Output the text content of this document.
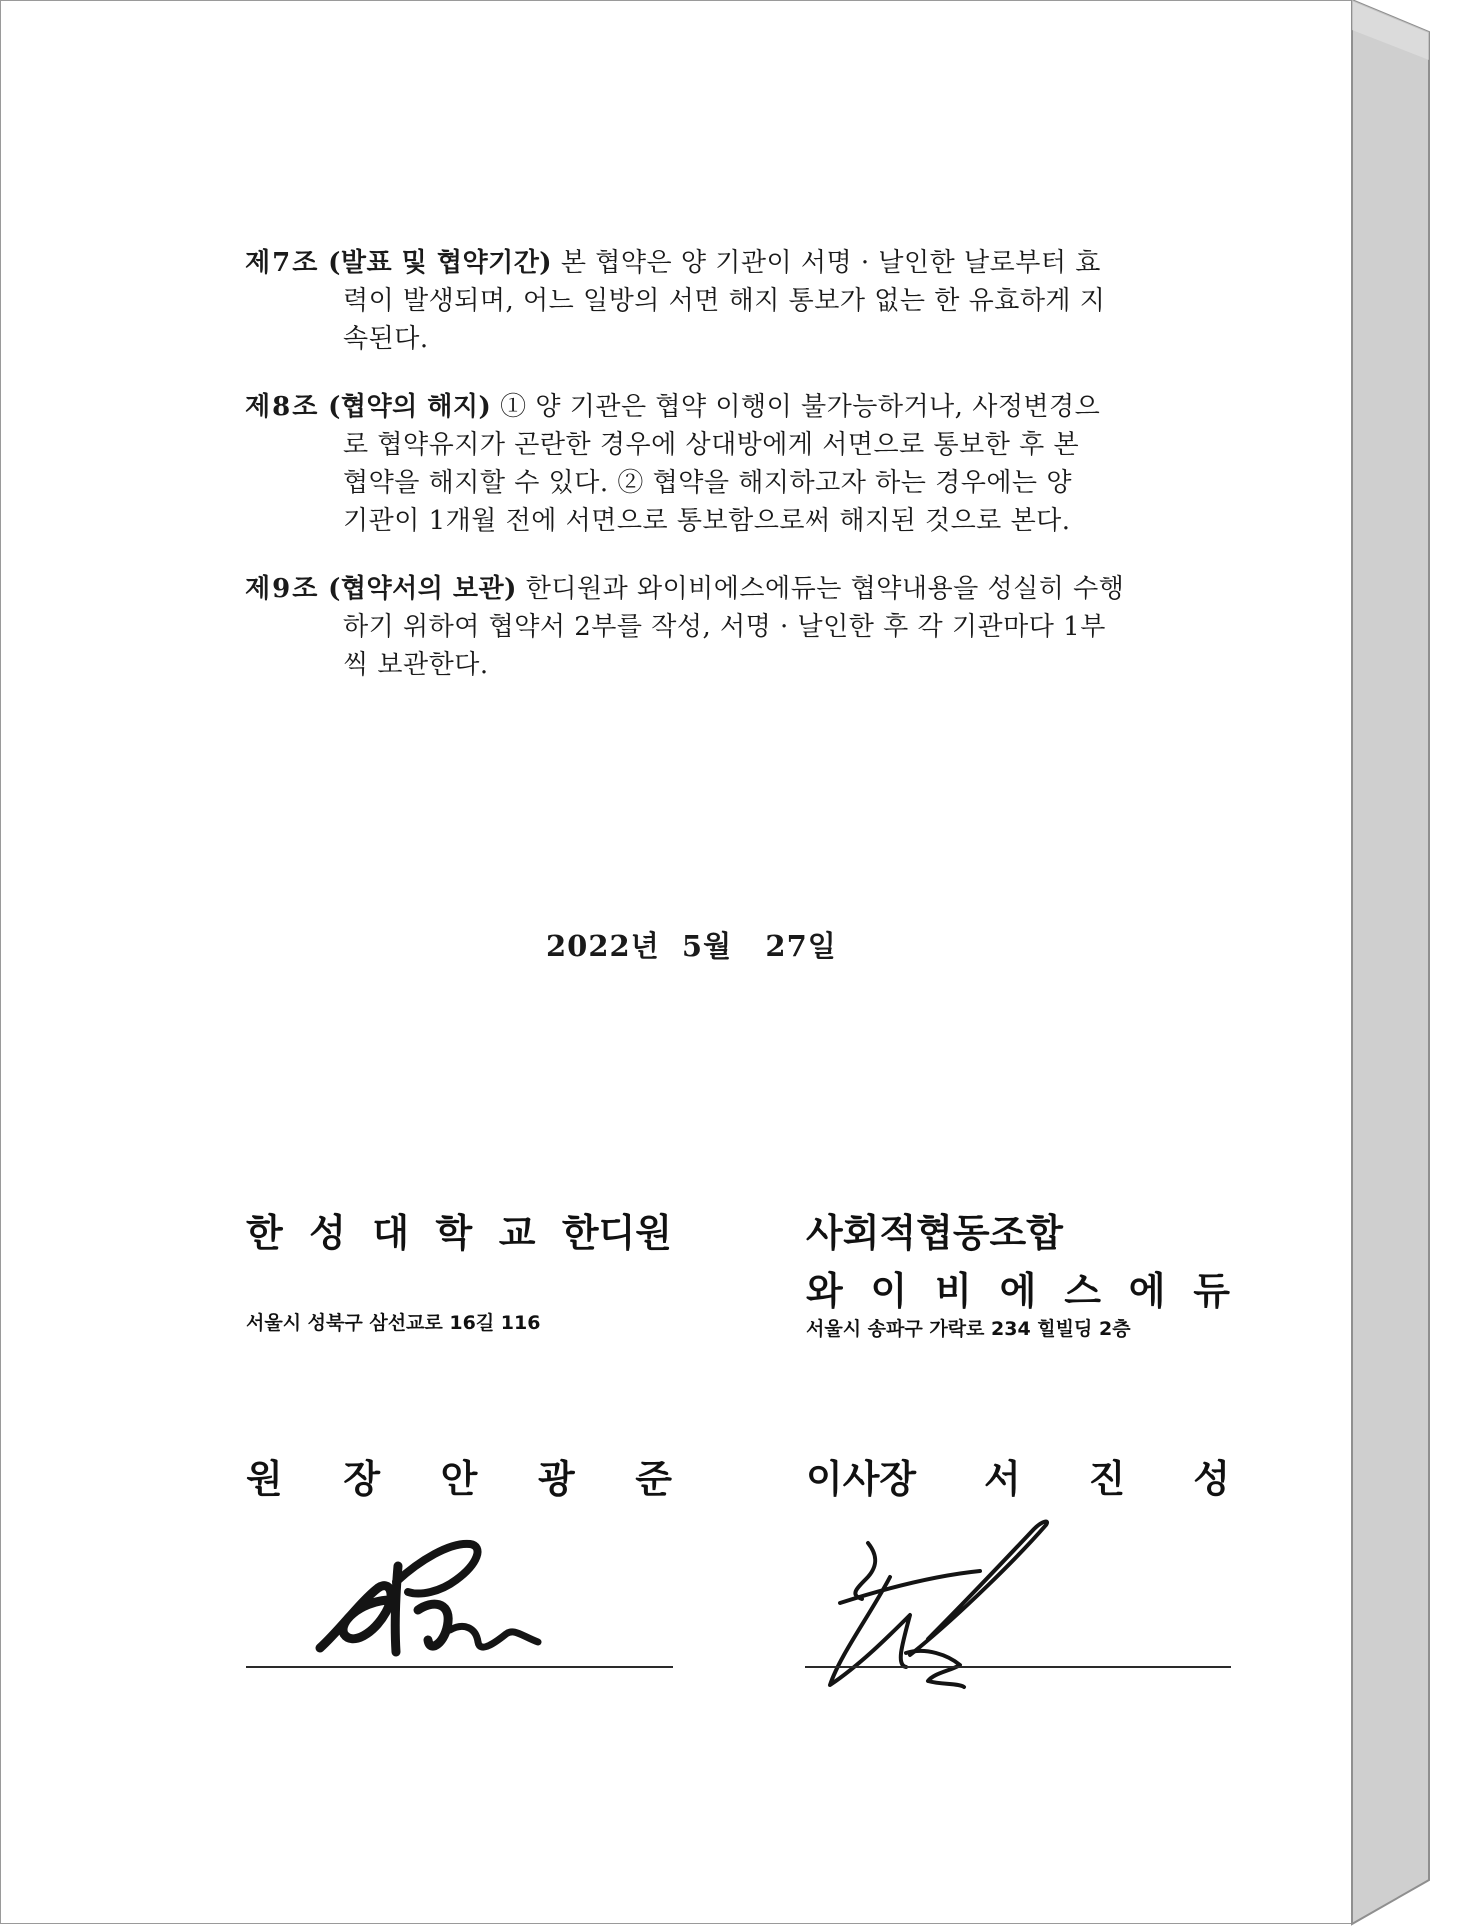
제7조 (발표 및 협약기간) 본 협약은 양 기관이 서명 · 날인한 날로부터 효
력이 발생되며, 어느 일방의 서면 해지 통보가 없는 한 유효하게 지
속된다.
제8조 (협약의 해지) ① 양 기관은 협약 이행이 불가능하거나, 사정변경으
로 협약유지가 곤란한 경우에 상대방에게 서면으로 통보한 후 본
협약을 해지할 수 있다. ② 협약을 해지하고자 하는 경우에는 양
기관이 1개월 전에 서면으로 통보함으로써 해지된 것으로 본다.
제9조 (협약서의 보관) 한디원과 와이비에스에듀는 협약내용을 성실히 수행
하기 위하여 협약서 2부를 작성, 서명 · 날인한 후 각 기관마다 1부
씩 보관한다.
2022년  5월   27일
한 성 대 학 교 한디원
서울시 성북구 삼선교로 16길 116
원 장 안 광 준
사회적협동조합
와 이 비 에 스 에 듀
서울시 송파구 가락로 234 힐빌딩 2층
이사장 서 진 성
